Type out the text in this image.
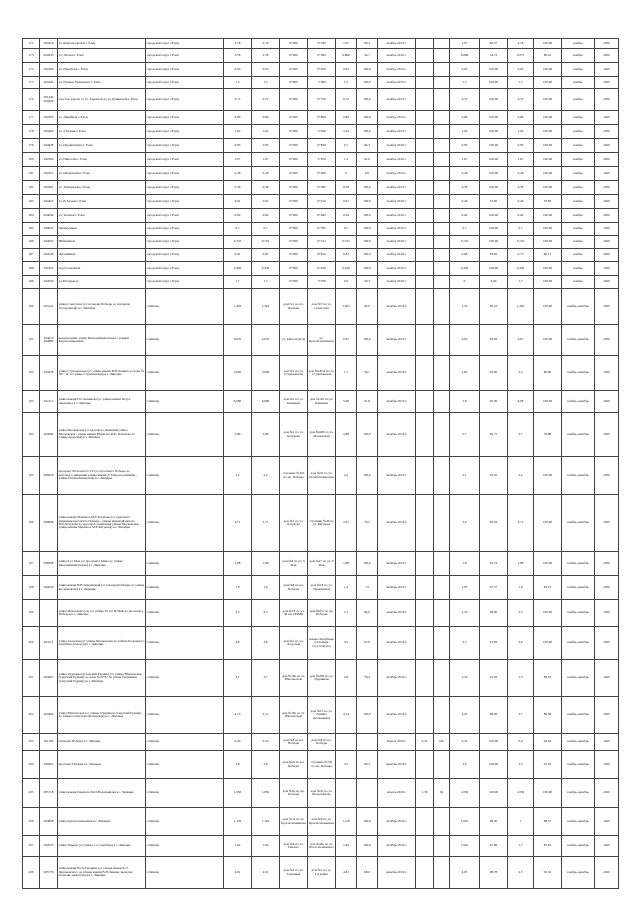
172	294419	ул. Комсомольская г. Елец	городской округ г.Елец	2,18	2,18	0+000	2+180	1,97	90,4	ноябрь 2019 г.			1,97	90,37	2,18	100,00	ноябрь	2020
173	294433	ул. Лесная г. Елец	городской округ г.Елец	2,58	2,58	0+000	2+580	0,896	34,7	ноябрь 2019 г.			0,896	34,73	2,075	80,43	ноябрь	2020
174	292300	ул. Нуцибова г. Елец	городской округ г.Елец	0,93	0,93	0+000	0+930	0,93	100,0	ноябрь 2019 г.			0,93	100,00	0,93	100,00	ноябрь	2020
175	294443	ул. Ржавец-Урлыковка г. Елец	городской округ г.Елец	1,5	1,5	0+000	1+500	1,5	100,0	ноябрь 2019 г.			1,5	100,00	1,5	100,00	ноябрь	2020
176	291449 294450	участок дороги от ул. Заречной до ул. Бунинской г. Елец	городской округ г.Елец	0,72	0,72	0+000	0+720	0,72	100,0	ноябрь 2019 г.			0,72	100,00	0,72	100,00	ноябрь	2020
177	292305	ул. Линейная г. Елец	городской округ г.Елец	0,89	0,89	0+000	0+890	0,89	100,0	ноябрь 2019 г.			0,89	100,00	0,89	100,00	ноябрь	2020
178	294469	ул. 2 Речная г. Елец	городской округ г.Елец	1,04	1,04	0+000	1+040	1,04	100,0	ноябрь 2019 г.			1,04	100,00	1,04	100,00	ноябрь	2020
179	294628	ул. Профинтерна г. Елец	городской округ г.Елец	0,83	0,83	0+000	0+830	0,7	84,3	ноябрь 2019 г.			0,83	100,00	0,83	100,00	ноябрь	2020
180	292303	ул. Пирогова г. Елец	городской округ г.Елец	1,67	1,67	0+000	1+670	1,2	81,6	ноябрь 2019 г.			1,67	100,00	1,67	100,00	ноябрь	2020
181	292457	ул. Ивановская г. Елец	городской округ г.Елец	0,28	0,28	0+000	0+280	0	0,0	ноябрь 2019 г.			0,28	100,00	0,28	100,00	ноябрь	2020
182	294461	ул. Тимирязева г. Елец	городской округ г.Елец	0,38	0,38	0+000	0+380	0,38	100,0	ноябрь 2019 г.			0,38	100,00	0,38	100,00	ноябрь	2020
183	294455	ул. В.Засеки г. Елец	городской округ г.Елец	0,91	0,91	0+000	0+910	0,91	100,0	ноябрь 2019 г.			0,49	53,85	0,49	53,85	ноябрь	2020
184	294646	ул. Зеленая г. Елец	городской округ г.Елец	0,64	0,64	0+000	0+640	0,64	100,0	ноябрь 2019 г.			0,64	100,00	0,64	100,00	ноябрь	2020
185	294647	Черемушкин	городской округ г.Елец	0,7	0,7	0+000	0+700	0,7	100,0	ноябрь 2019 г.			0,7	100,00	0,7	100,00	ноябрь	2020
186	294652	Юбилейная	городской округ г.Елец	0,722	0,722	0+000	0+722	0,722	100,0	ноябрь 2019 г.			0,722	100,00	0,722	100,00	ноябрь	2020
187	294536	Луговинная	городской округ г.Елец	0,81	0,81	0+000	0+810	0,81	100,0	ноябрь 2019 г.			0,68	83,95	0,73	90,12	ноябрь	2020
188	292455	пер.Солнечный	городской округ г.Елец	0,436	0,436	0+000	0+436	0,436	100,0	ноябрь 2019 г.			0,436	100,00	0,436	100,00	ноябрь	2020
189	292609	ул.М.Горького	городской округ г.Елец	1,7	1,7	0+000	1+700	0,5	29,4	ноябрь 2019 г.			0	0,00	1,7	100,00	ноябрь	2020
190	293121	улица Советская (от площади Победы до площади Театральной) в г. Липецке	г.Липецк	1,403	1,403	дом №1 по пл. Победы	дом №7 по ул. Советская	1,303	92,9	октябрь 2019 г.			1,35	96,22	1,403	100,00	ноябрь-декабрь	2020
191	293610 294880	велодорожки: улица Меткомбинатовская с улицей Краснознаменная	г.Липецк	0,670	0,670	ул. Металлургов	ул. Краснознаменная	0,67	100,0	октябрь 2019 г.			0,63	94,03	0,67	100,00	ноябрь-декабрь	2020
192	293228	улица Студеновская (от улицы имени В.Н.Ленина до дома № 187 "А" по улице Студеновская) в г. Липецке	г.Липецк	3,000	3,000	дом №1 по ул. Студеновская	дом №187А по ул. Студеновская	1,7	56,7	октябрь 2019 г.			2,85	95,00	2,4	80,00	ноябрь-декабрь	2020
193	292111	улица имени П.С.Коникова (от улицы имени Петра Левченко) в г. Липецке	г.Липецк	6,080	6,080	дом №1 по ул. Коникова	дом №120 по ул. Коникова	5,98	91,8	октябрь 2019 г.			5,8	95,39	6,08	100,00	ноябрь-декабрь	2020
194	294083	улица Московская (от кругового движения улица Московская - улица имени Маршала М.Е. Катукова до улицы Азорская) в г. Липецке	г.Липецк	5,89	5,89	дом №1 по ул. Катукова	дом №42В по ул. Московская	5,89	100,0	октябрь 2019 г.			5,7	96,77	4,7	79,80	ноябрь-декабрь	2020
195	289016	проспект 60-летия СССР (от проспекта Победы до кругового движения улицы имени Л.Л.Краснознамени - улицы Политехнической) в г. Липецке	г.Липецк	2,2	2,2	строение №101 по пр. Победы	дом №22 по ул. Политехническая	2,2	100,0	октябрь 2019 г.			2,1	95,45	2,2	100,00	ноябрь-декабрь	2020
196	289608	улица имени Маршала М.Е.Катукова (от кругового движения проспекта Победы - улицы имени Маршала М.Е.Катукова до кругового движения улицы Московская - улицы имени Маршала М.Е.Катукова) в г. Липецке	г.Липецк	2,71	2,71	дом №1 по ул. Катукова	строение №49 по ул. Катукова	2,01	74,2	октябрь 2019 г.			2,6	95,94	2,71	100,00	ноябрь-декабрь	2020
197	288398	улица 9-го Мая (от проспекта Мира до улицы Меткомбинатовская) в г. Липецке	г.Липецк	1,88	1,88	дом №8 по ул. 9 Мая	дом №27 по ул. 9 Мая	1,88	100,0	октябрь 2019 г.			1,8	95,74	1,88	100,00	ноябрь-декабрь	2020
198	292029	улица имени В.В.Терешковой (от площади Победы до улицы Космонавтов) в г. Липецке	г.Липецк	1,9	1,9	дом №8 по пл. Победы	дом №18 по ул. Терешковой	1,4	74	октябрь 2019 г.			1,85	97,37	1,6	84,21	ноябрь-декабрь	2020
199		улица Механизаторов (от улицы 50 лет НЛМК до проспекта Победы) в г. Липецке	г.Липецк	2,5	2,5	дом №1Е по ул. 50 лет НЛМК	дом №87а по пр. Победы	2,1	84,0	октябрь 2019 г.			2,45	98,00	2,5	100,00	ноябрь-декабрь	2020
200	293111	улица Азорская (от улицы Московская до района Кольцевого кладбища (вокзал)) в г. Липецке	г.Липецк	4,6	4,6	дом №1 по ул. Азорская	южное Кладбище (строения отсутствуют)	4,5	97,8	октябрь 2019 г.			4,5	97,83	4,6	100,00	ноябрь-декабрь	2020
201	294607	улица Ударников (Сырский Рудник) (от улицы Юношеская (Сырский Рудник) до дома №20"Б" по улице Ударников (Сырский Рудник)) в г. Липецке	г.Липецк	3,7	3,7	дом №18а по ул. Юношеская	дом №20Б по ул. Ударников	2,9	78,4	октябрь 2019 г.			3,59	97,03	3,3	89,19	ноябрь-декабрь	2020
202	294494	улица Юношеская (от улицы Ударников (Сырский Рудник) до улицы Советская (Кольцевая)) в г. Липецке	г.Липецк	4,13	4,13	дом №18а по ул. Юношеская	дом №15 по ул. Ленина (Кольцевая)	4,13	100,0	октябрь 2019 г.			4,05	98,06	3,7	89,59	ноябрь-декабрь	2020
203	301180	площадь Победы в г. Липецке	г.Липецк	0,43	0,43	дом №8 по пл. Победы	дом №8 по пл. Победы			апрель 2020 г.	0,43	100	0,43	100,00	0,4	93,02	ноябрь-декабрь	2020
204	294401	проспект Победы в г. Липецке	г.Липецк	3,6	3,6	дом №2а по пл. Победы	строение №135 по пр. Победы	2,5	69,2	декабрь 2019 г.			3,6	100,00	3,5	97,22	ноябрь-декабрь	2020
205	285718	улица имени Генерала М.П.Водопьянова в г. Липецке	г.Липецк	1,656	1,656	дом №6а по пр. Победы	дом №45 по ул. Водопьянова			апрель 2020 г.	1,56	94	1,656	100,00	1,656	100,00	ноябрь-декабрь	2020
206	294808	улица Краснознаменная в г. Липецке	г.Липецк	1,129	1,129	дом №1а по ул. Краснознаменная	дом №6 по ул. Краснознаменная	1,129	100,0	октябрь 2019 г.			1,007	98,05	1	88,57	ноябрь-декабрь	2020
207	292523	улица Ильича (от улицы 1-е Сентября) в г. Липецке	г.Липецк	1,94	1,94	дом №6 по ул. Ильича	дом №40а по ул. Отело Кошкиного	1,94	100,0	октябрь 2019 г.			1,901	97,99	1,7	87,63	ноябрь-декабрь	2020
208	295776	улица имени Ю.А.Гагарина (от улицы имени К.Э. Циолковского до улицы имени В.Н.Ленина, включая площадь Авиаторов) в г. Липецке	г.Липецк	4,91	4,91	дом №2 по ул. Товарный	дом №1 по ул. Гагарина	4,81	98,0	декабрь 2019 г.			4,85	98,78	4,5	95,52	ноябрь-декабрь	2020
